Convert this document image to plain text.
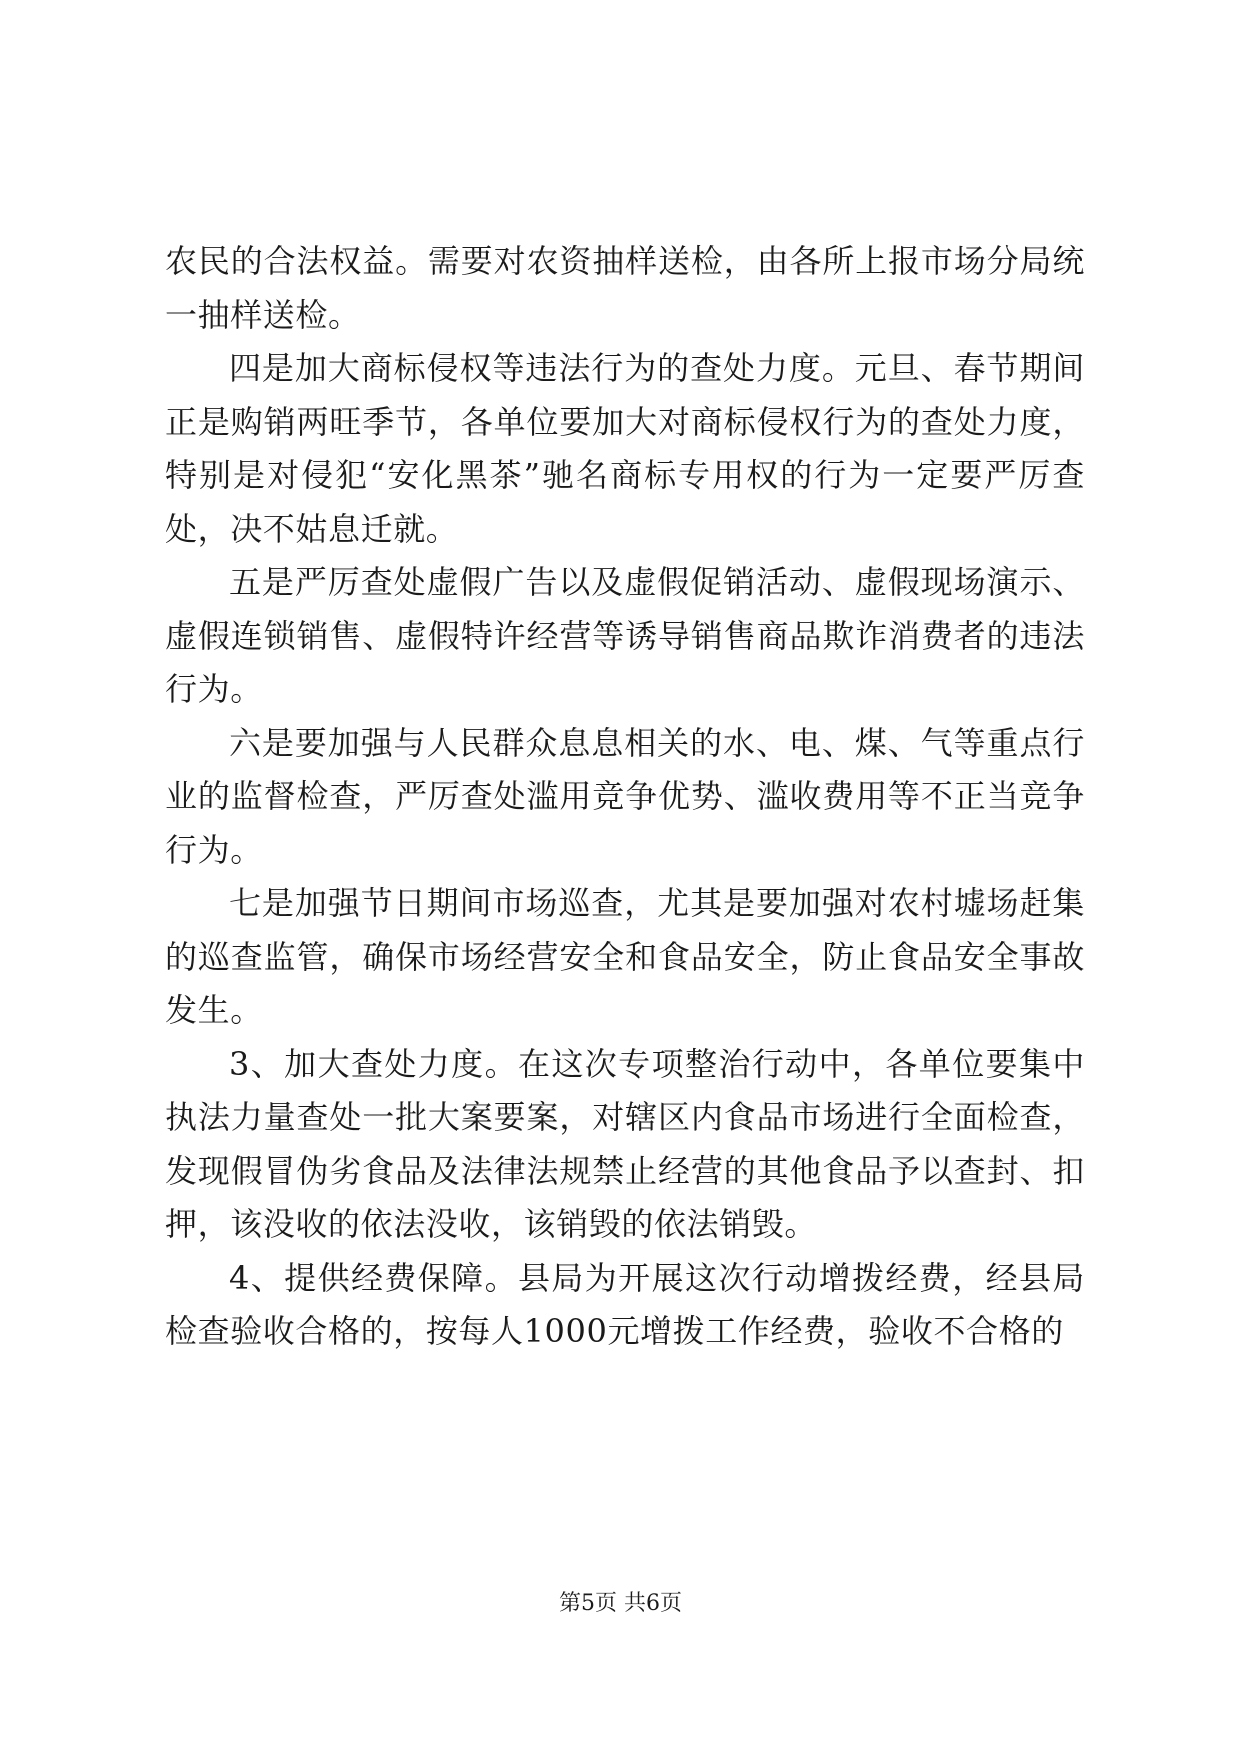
农民的合法权益。需要对农资抽样送检，由各所上报市场分局统一抽样送检。

四是加大商标侵权等违法行为的查处力度。元旦、春节期间正是购销两旺季节，各单位要加大对商标侵权行为的查处力度，特别是对侵犯“安化黑茶”驰名商标专用权的行为一定要严厉查处，决不姑息迁就。

五是严厉查处虚假广告以及虚假促销活动、虚假现场演示、虚假连锁销售、虚假特许经营等诱导销售商品欺诈消费者的违法行为。

六是要加强与人民群众息息相关的水、电、煤、气等重点行业的监督检查，严厉查处滥用竞争优势、滥收费用等不正当竞争行为。

七是加强节日期间市场巡查，尤其是要加强对农村墟场赶集的巡查监管，确保市场经营安全和食品安全，防止食品安全事故发生。

3、加大查处力度。在这次专项整治行动中，各单位要集中执法力量查处一批大案要案，对辖区内食品市场进行全面检查，发现假冒伪劣食品及法律法规禁止经营的其他食品予以查封、扣押，该没收的依法没收，该销毁的依法销毁。

4、提供经费保障。县局为开展这次行动增拨经费，经县局检查验收合格的，按每人1000元增拨工作经费，验收不合格的

第5页 共6页
